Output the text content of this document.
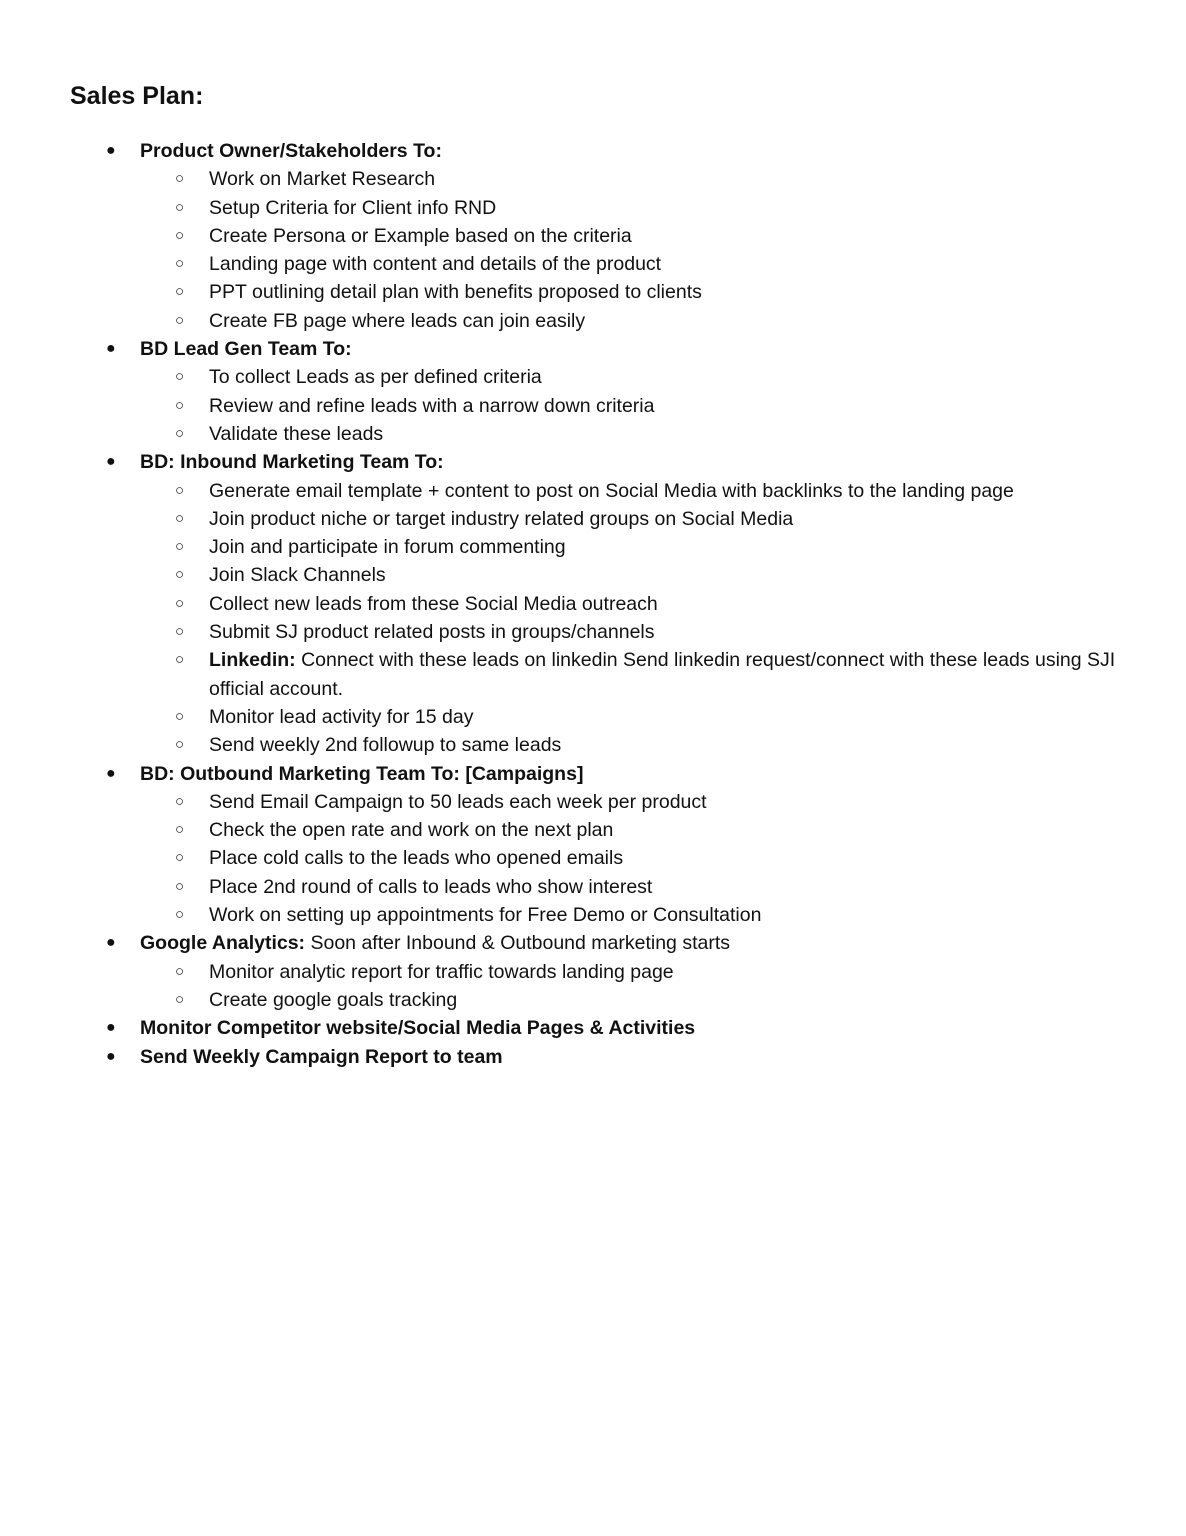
Sales Plan:
● Product Owner/Stakeholders To:
○ Work on Market Research
○ Setup Criteria for Client info RND
○ Create Persona or Example based on the criteria
○ Landing page with content and details of the product
○ PPT outlining detail plan with benefits proposed to clients
○ Create FB page where leads can join easily
● BD Lead Gen Team To:
○ To collect Leads as per defined criteria
○ Review and refine leads with a narrow down criteria
○ Validate these leads
● BD: Inbound Marketing Team To:
○ Generate email template + content to post on Social Media with backlinks to the landing page
○ Join product niche or target industry related groups on Social Media
○ Join and participate in forum commenting
○ Join Slack Channels
○ Collect new leads from these Social Media outreach
○ Submit SJ product related posts in groups/channels
○ Linkedin: Connect with these leads on linkedin Send linkedin request/connect with these leads using SJI official account.
○ Monitor lead activity for 15 day
○ Send weekly 2nd followup to same leads
● BD: Outbound Marketing Team To: [Campaigns]
○ Send Email Campaign to 50 leads each week per product
○ Check the open rate and work on the next plan
○ Place cold calls to the leads who opened emails
○ Place 2nd round of calls to leads who show interest
○ Work on setting up appointments for Free Demo or Consultation
● Google Analytics: Soon after Inbound & Outbound marketing starts
○ Monitor analytic report for traffic towards landing page
○ Create google goals tracking
● Monitor Competitor website/Social Media Pages & Activities
● Send Weekly Campaign Report to team
